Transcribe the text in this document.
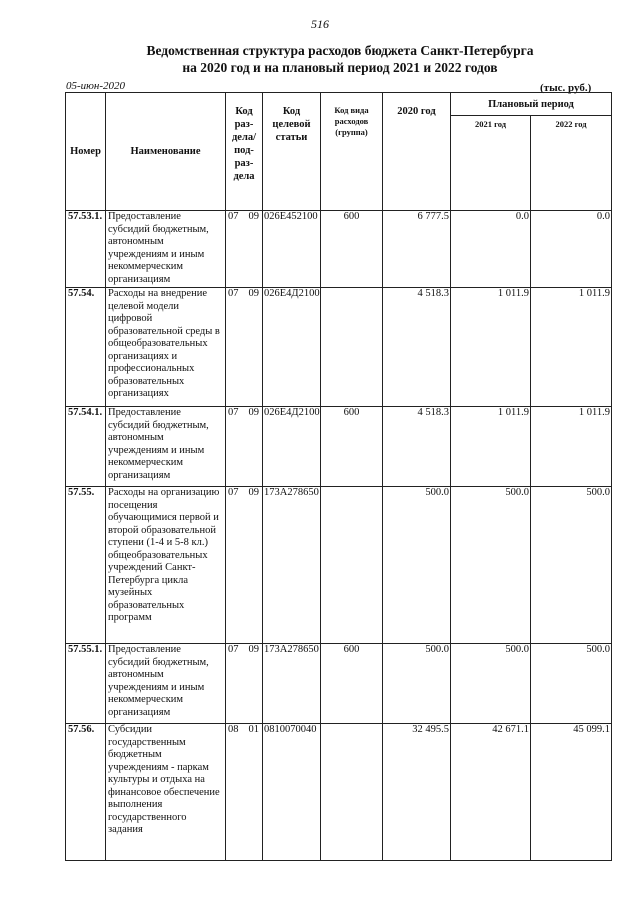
516
Ведомственная структура расходов бюджета Санкт-Петербурга
на 2020 год и на плановый период 2021 и 2022 годов
05-июн-2020	(тыс. руб.)
Номер	Наименование	Код раз-дела/ под-раз-дела	Код целевой статьи	Код вида расходов (группа)	2020 год	Плановый период	
						2021 год	2022 год
57.53.1.	Предоставление субсидий бюджетным, автономным учреждениям и иным некоммерческим организациям	07 09	026E452100	600	6 777.5	0.0	0.0
57.54.	Расходы на внедрение целевой модели цифровой образовательной среды в общеобразовательных организациях и профессиональных образовательных организациях	07 09	026E4Д2100		4 518.3	1 011.9	1 011.9
57.54.1.	Предоставление субсидий бюджетным, автономным учреждениям и иным некоммерческим организациям	07 09	026E4Д2100	600	4 518.3	1 011.9	1 011.9
57.55.	Расходы на организацию посещения обучающимися первой и второй образовательной ступени (1-4 и 5-8 кл.) общеобразовательных учреждений Санкт-Петербурга цикла музейных образовательных программ	07 09	173А278650		500.0	500.0	500.0
57.55.1.	Предоставление субсидий бюджетным, автономным учреждениям и иным некоммерческим организациям	07 09	173А278650	600	500.0	500.0	500.0
57.56.	Субсидии государственным бюджетным учреждениям - паркам культуры и отдыха на финансовое обеспечение выполнения государственного задания	08 01	0810070040		32 495.5	42 671.1	45 099.1
